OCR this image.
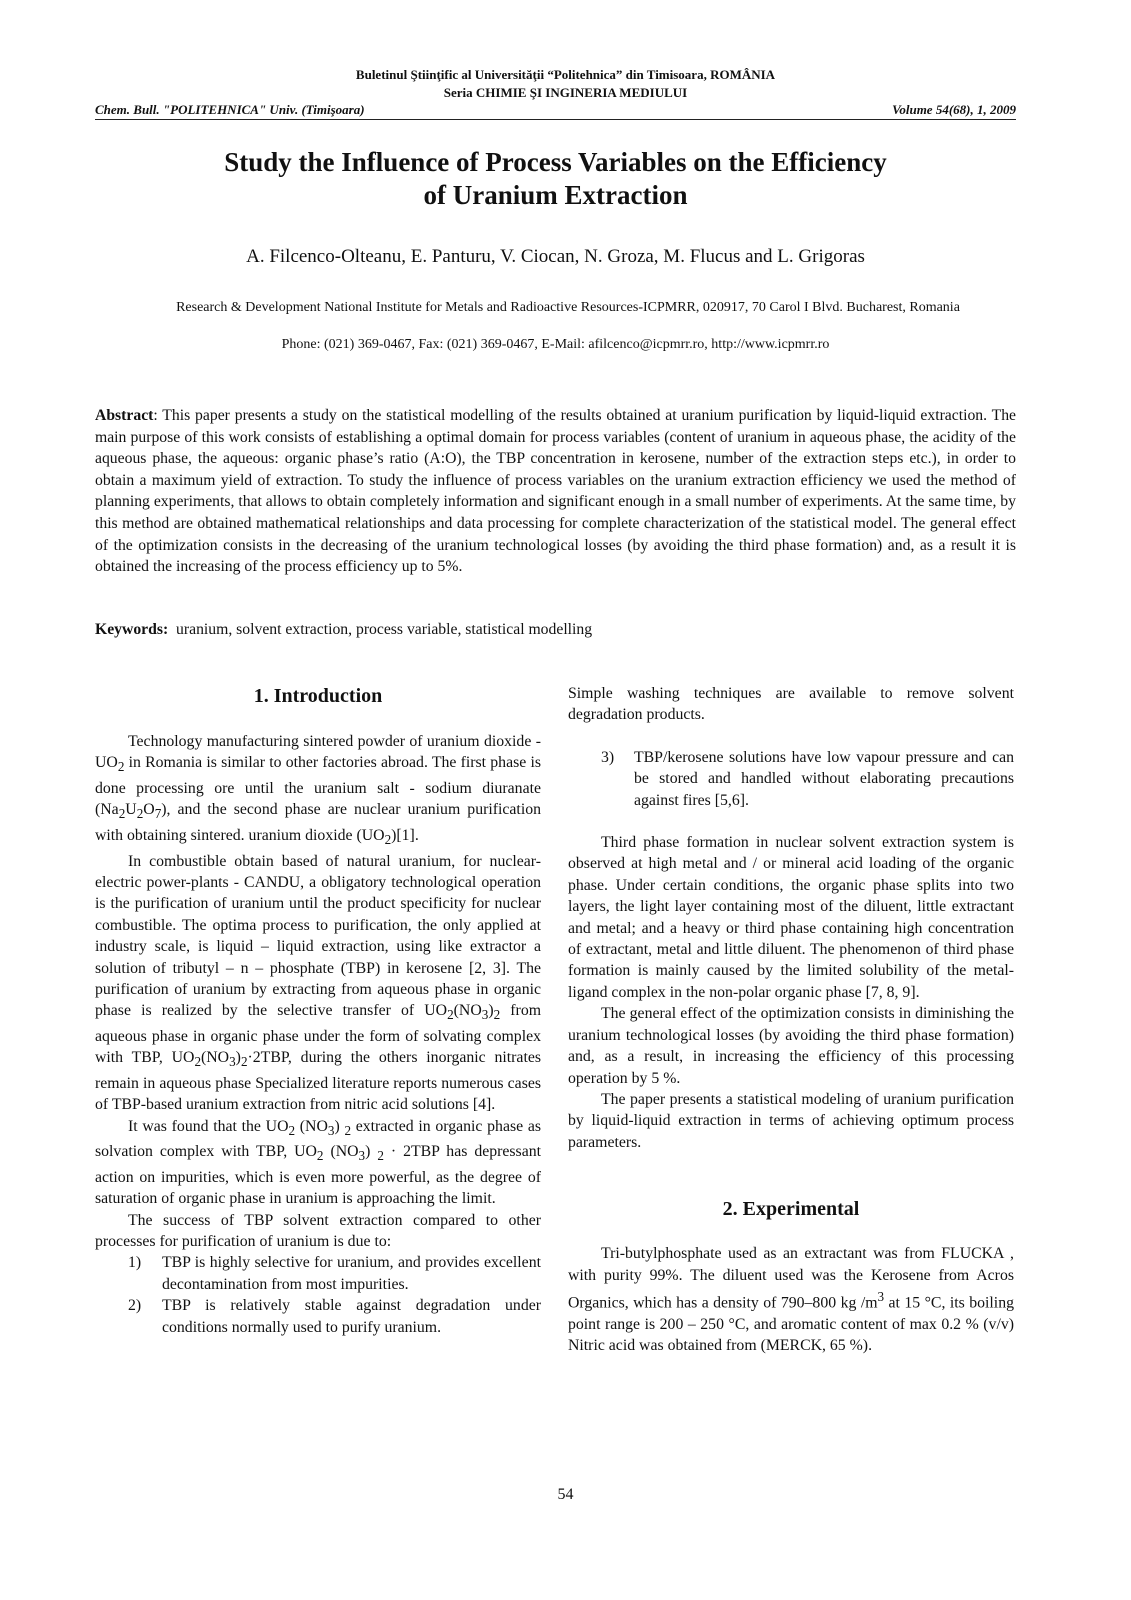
Buletinul Ştiinţific al Universităţii “Politehnica” din Timisoara, ROMÂNIA
Seria CHIMIE ŞI INGINERIA MEDIULUI
Chem. Bull. "POLITEHNICA" Univ. (Timişoara)	Volume 54(68), 1, 2009
Study the Influence of Process Variables on the Efficiency
of Uranium Extraction
A. Filcenco-Olteanu, E. Panturu, V. Ciocan, N. Groza, M. Flucus and L. Grigoras
Research & Development National Institute for Metals and Radioactive Resources-ICPMRR, 020917, 70 Carol I Blvd. Bucharest, Romania
Phone: (021) 369-0467, Fax: (021) 369-0467, E-Mail: afilcenco@icpmrr.ro, http://www.icpmrr.ro
Abstract: This paper presents a study on the statistical modelling of the results obtained at uranium purification by liquid-liquid extraction. The main purpose of this work consists of establishing a optimal domain for process variables (content of uranium in aqueous phase, the acidity of the aqueous phase, the aqueous: organic phase’s ratio (A:O), the TBP concentration in kerosene, number of the extraction steps etc.), in order to obtain a maximum yield of extraction. To study the influence of process variables on the uranium extraction efficiency we used the method of planning experiments, that allows to obtain completely information and significant enough in a small number of experiments. At the same time, by this method are obtained mathematical relationships and data processing for complete characterization of the statistical model. The general effect of the optimization consists in the decreasing of the uranium technological losses (by avoiding the third phase formation) and, as a result it is obtained the increasing of the process efficiency up to 5%.
Keywords: uranium, solvent extraction, process variable, statistical modelling
1. Introduction

Technology manufacturing sintered powder of uranium dioxide - $UO_2$ in Romania is similar to other factories abroad. The first phase is done processing ore until the uranium salt - sodium diuranate $(Na_2U_2O_7)$, and the second phase are nuclear uranium purification with obtaining sintered. uranium dioxide $(UO_2)[1]$.

In combustible obtain based of natural uranium, for nuclear-electric power-plants - CANDU, a obligatory technological operation is the purification of uranium until the product specificity for nuclear combustible. The optima process to purification, the only applied at industry scale, is liquid – liquid extraction, using like extractor a solution of tributyl – n – phosphate (TBP) in kerosene [2, 3]. The purification of uranium by extracting from aqueous phase in organic phase is realized by the selective transfer of $UO_2(NO_3)_2$ from aqueous phase in organic phase under the form of solvating complex with TBP, $UO_2(NO_3)_2\cdot 2TBP$, during the others inorganic nitrates remain in aqueous phase Specialized literature reports numerous cases of TBP-based uranium extraction from nitric acid solutions [4].

It was found that the $UO_2$ $(NO_3)$ $_2$ extracted in organic phase as solvation complex with TBP, $UO_2$ $(NO_3) _2 \cdot 2TBP$ has depressant action on impurities, which is even more powerful, as the degree of saturation of organic phase in uranium is approaching the limit.

The success of TBP solvent extraction compared to other processes for purification of uranium is due to:

1) TBP is highly selective for uranium, and provides excellent decontamination from most impurities.
2) TBP is relatively stable against degradation under conditions normally used to purify uranium.

Simple washing techniques are available to remove solvent degradation products.

3) TBP/kerosene solutions have low vapour pressure and can be stored and handled without elaborating precautions against fires [5,6].

Third phase formation in nuclear solvent extraction system is observed at high metal and / or mineral acid loading of the organic phase. Under certain conditions, the organic phase splits into two layers, the light layer containing most of the diluent, little extractant and metal; and a heavy or third phase containing high concentration of extractant, metal and little diluent. The phenomenon of third phase formation is mainly caused by the limited solubility of the metal-ligand complex in the non-polar organic phase [7, 8, 9].

The general effect of the optimization consists in diminishing the uranium technological losses (by avoiding the third phase formation) and, as a result, in increasing the efficiency of this processing operation by 5 %.

The paper presents a statistical modeling of uranium purification by liquid-liquid extraction in terms of achieving optimum process parameters.

2. Experimental

Tri-butylphosphate used as an extractant was from FLUCKA , with purity 99%. The diluent used was the Kerosene from Acros Organics, which has a density of 790–800 kg $/m^3$ at 15 °C, its boiling point range is 200 – 250 °C, and aromatic content of max 0.2 % (v/v) Nitric acid was obtained from (MERCK, 65 %).

54
